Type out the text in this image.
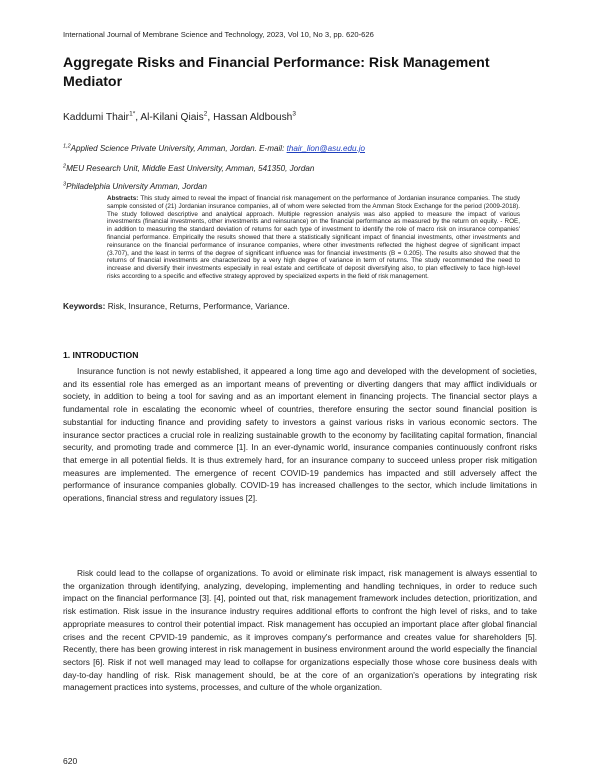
International Journal of Membrane Science and Technology, 2023, Vol 10, No 3, pp. 620-626
Aggregate Risks and Financial Performance: Risk Management Mediator
Kaddumi Thair$^{1*}$, Al-Kilani Qiais$^2$, Hassan Aldboush$^3$
$^{1,2}$Applied Science Private University, Amman, Jordan. E-mail: thair_lion@asu.edu.jo
$^2$MEU Research Unit, Middle East University, Amman, 541350, Jordan
$^3$Philadelphia University Amman, Jordan

Abstracts: This study aimed to reveal the impact of financial risk management on the performance of Jordanian insurance companies. The study sample consisted of (21) Jordanian insurance companies, all of whom were selected from the Amman Stock Exchange for the period (2009-2018). The study followed descriptive and analytical approach. Multiple regression analysis was also applied to measure the impact of various investments (financial investments, other investments and reinsurance) on the financial performance as measured by the return on equity. - ROE, in addition to measuring the standard deviation of returns for each type of investment to identify the role of macro risk on insurance companies' financial performance. Empirically the results showed that there a statistically significant impact of financial investments, other investments and reinsurance on the financial performance of insurance companies, where other investments reflected the highest degree of significant impact (3.707), and the least in terms of the degree of significant influence was for financial investments (B = 0.205). The results also showed that the returns of financial investments are characterized by a very high degree of variance in term of returns. The study recommended the need to increase and diversify their investments especially in real estate and certificate of deposit diversifying also, to plan effectively to face high-level risks according to a specific and effective strategy approved by specialized experts in the field of risk management.

Keywords: Risk, Insurance, Returns, Performance, Variance.
1. INTRODUCTION

Insurance function is not newly established, it appeared a long time ago and developed with the development of societies, and its essential role has emerged as an important means of preventing or diverting dangers that may afflict individuals or society, in addition to being a tool for saving and as an important element in financing projects. The financial sector plays a fundamental role in escalating the economic wheel of countries, therefore ensuring the sector sound financial position is substantial for inducting finance and providing safety to investors a gainst various risks in various economic sectors. The insurance sector practices a crucial role in realizing sustainable growth to the economy by facilitating capital formation, financial security, and promoting trade and commerce [1]. In an ever-dynamic world, insurance companies continuously confront risks that emerge in all potential fields. It is thus extremely hard, for an insurance company to succeed unless proper risk mitigation measures are implemented. The emergence of recent COVID-19 pandemics has impacted and still adversely affect the performance of insurance companies globally. COVID-19 has increased challenges to the sector, which include limitations in operations, financial stress and regulatory issues [2].

Risk could lead to the collapse of organizations. To avoid or eliminate risk impact, risk management is always essential to the organization through identifying, analyzing, developing, implementing and handling techniques, in order to reduce such impact on the financial performance [3]. [4], pointed out that, risk management framework includes detection, prioritization, and risk estimation. Risk issue in the insurance industry requires additional efforts to confront the high level of risks, and to take appropriate measures to control their potential impact. Risk management has occupied an important place after global financial crises and the recent CPVID-19 pandemic, as it improves company's performance and creates value for shareholders [5]. Recently, there has been growing interest in risk management in business environment around the world especially the financial sectors [6]. Risk if not well managed may lead to collapse for organizations especially those whose core business deals with day-to-day handling of risk. Risk management should, be at the core of an organization's operations by integrating risk management practices into systems, processes, and culture of the whole organization.

620
